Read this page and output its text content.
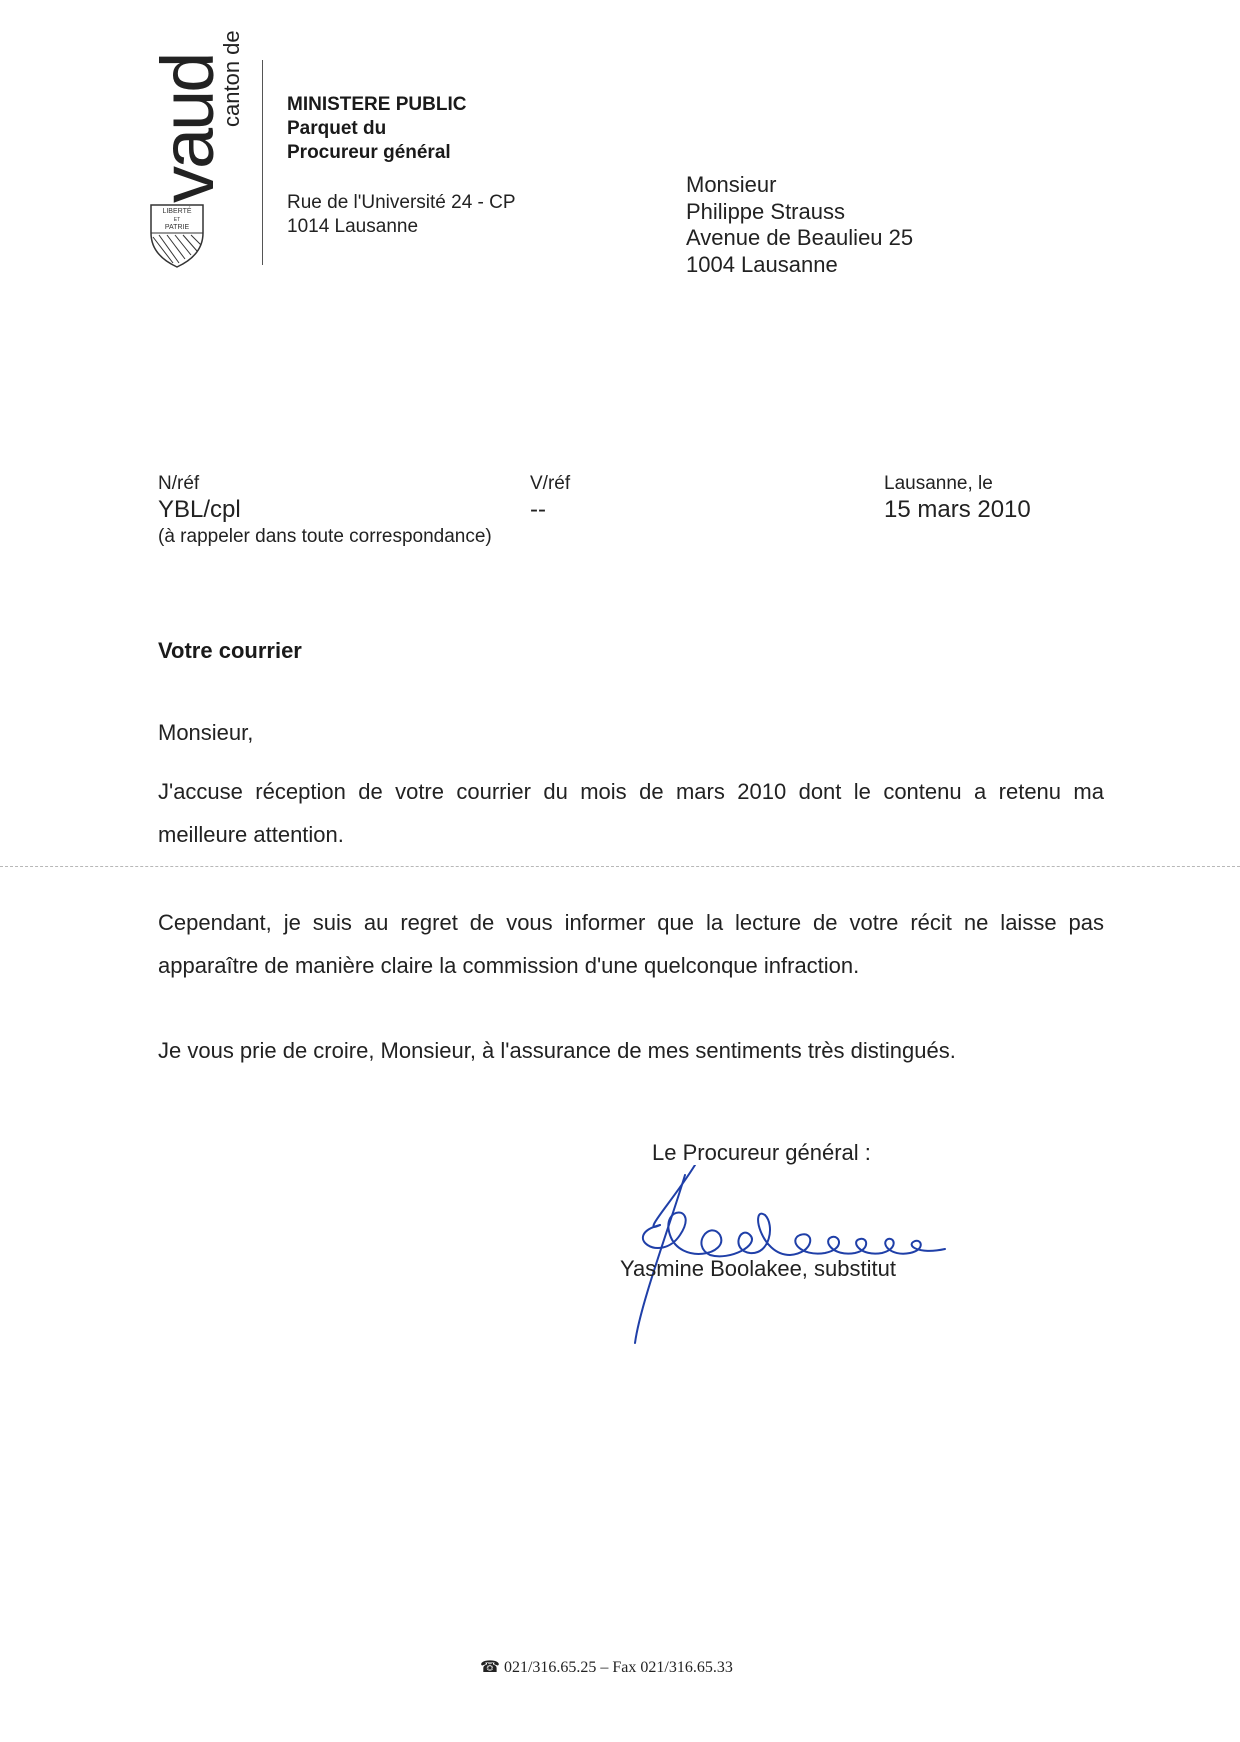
vaud
canton de
LIBERTÉ
ET
PATRIE
MINISTERE PUBLIC
Parquet du
Procureur général
Rue de l'Université 24 - CP
1014 Lausanne
Monsieur
Philippe Strauss
Avenue de Beaulieu 25
1004 Lausanne
N/réf
YBL/cpl
(à rappeler dans toute correspondance)
V/réf
--
Lausanne, le
15 mars 2010
Votre courrier
Monsieur,
J'accuse réception de votre courrier du mois de mars 2010 dont le contenu a retenu ma meilleure attention.
Cependant, je suis au regret de vous informer que la lecture de votre récit ne laisse pas apparaître de manière claire la commission d'une quelconque infraction.
Je vous prie de croire, Monsieur, à l'assurance de mes sentiments très distingués.
Le Procureur général :
Yasmine Boolakee, substitut
☎ 021/316.65.25 – Fax 021/316.65.33
